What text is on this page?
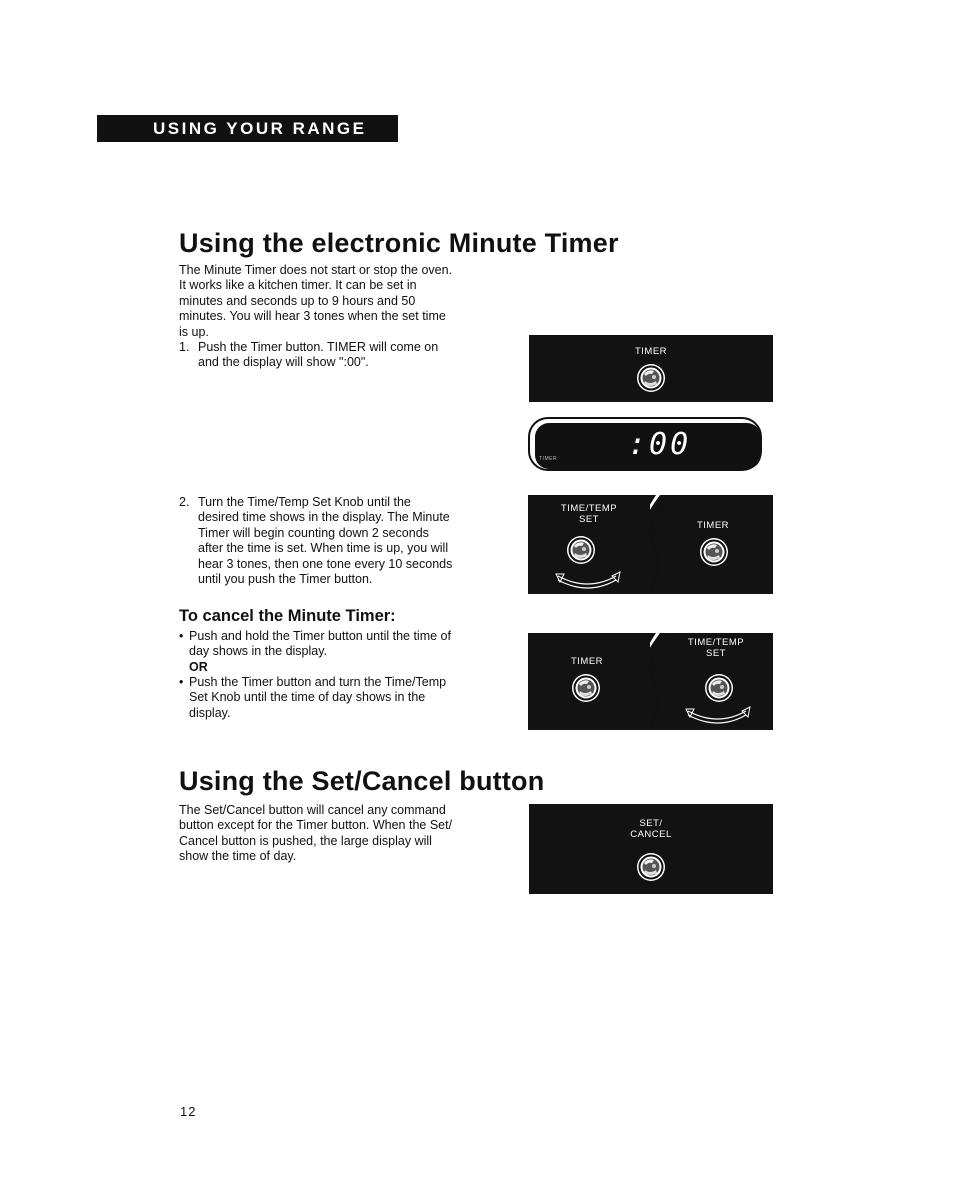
USING YOUR RANGE
Using the electronic Minute Timer
The Minute Timer does not start or stop the oven.
It works like a kitchen timer. It can be set in
minutes and seconds up to 9 hours and 50
minutes. You will hear 3 tones when the set time
is up.
1. Push the Timer button. TIMER will come on
and the display will show ":00".
2. Turn the Time/Temp Set Knob until the
desired time shows in the display. The Minute
Timer will begin counting down 2 seconds
after the time is set. When time is up, you will
hear 3 tones, then one tone every 10 seconds
until you push the Timer button.
To cancel the Minute Timer:
• Push and hold the Timer button until the time of
day shows in the display.
OR
• Push the Timer button and turn the Time/Temp
Set Knob until the time of day shows in the
display.
Using the Set/Cancel button
The Set/Cancel button will cancel any command
button except for the Timer button. When the Set/
Cancel button is pushed, the large display will
show the time of day.
TIMER
TIMER :00
TIME/TEMP
SET
TIMER
TIMER
TIME/TEMP
SET
SET/
CANCEL
12
